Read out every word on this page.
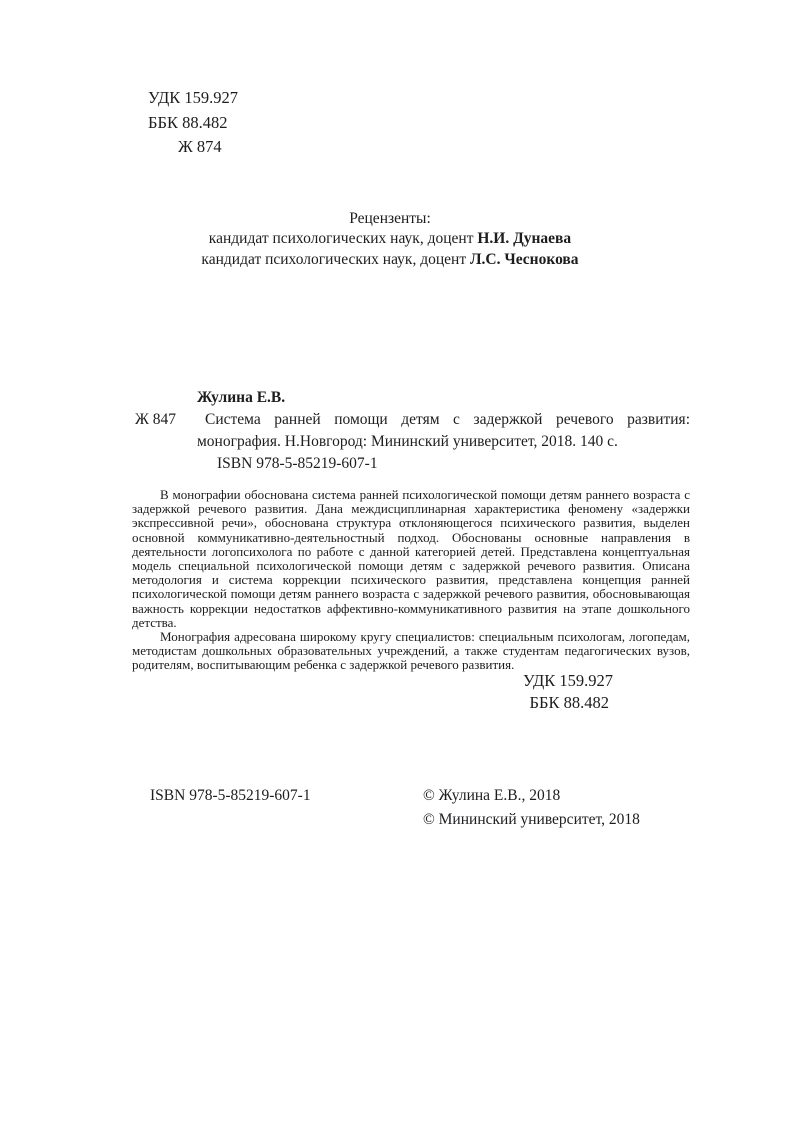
УДК 159.927
ББК 88.482
Ж 874
Рецензенты:
кандидат психологических наук, доцент Н.И. Дунаева
кандидат психологических наук, доцент Л.С. Чеснокова
Жулина Е.В.
Ж 847	Система ранней помощи детям с задержкой речевого развития: монография. Н.Новгород: Мининский университет, 2018. 140 с.
ISBN 978-5-85219-607-1

В монографии обоснована система ранней психологической помощи детям раннего возраста с задержкой речевого развития. Дана междисциплинарная характеристика феномену «задержки экспрессивной речи», обоснована структура отклоняющегося психического развития, выделен основной коммуникативно-деятельностный подход. Обоснованы основные направления в деятельности логопсихолога по работе с данной категорией детей. Представлена концептуальная модель специальной психологической помощи детям с задержкой речевого развития. Описана методология и система коррекции психического развития, представлена концепция ранней психологической помощи детям раннего возраста с задержкой речевого развития, обосновывающая важность коррекции недостатков аффективно-коммуникативного развития на этапе дошкольного детства.

Монография адресована широкому кругу специалистов: специальным психологам, логопедам, методистам дошкольных образовательных учреждений, а также студентам педагогических вузов, родителям, воспитывающим ребенка с задержкой речевого развития.

УДК 159.927
ББК 88.482
ISBN 978-5-85219-607-1	© Жулина Е.В., 2018
© Мининский университет, 2018
